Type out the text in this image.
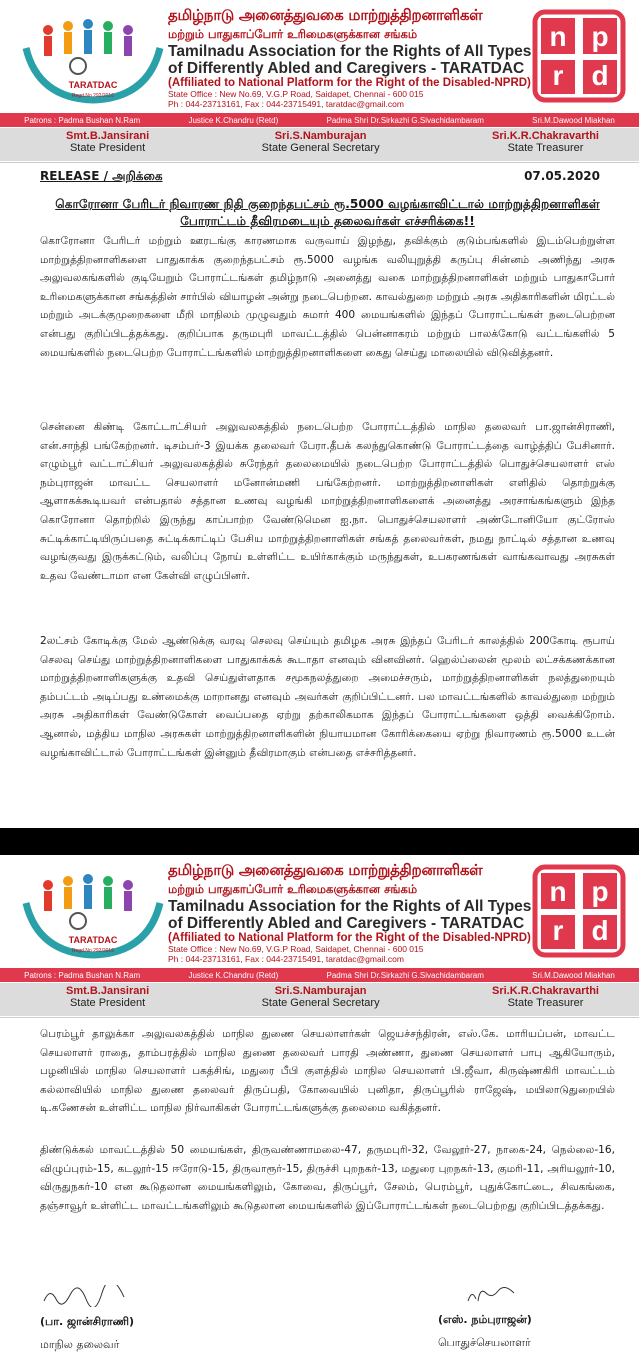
TARATDAC
Regd.No 292/2016
தமிழ்நாடு அனைத்துவகை மாற்றுத்திறனாளிகள்
மற்றும் பாதுகாப்போர் உரிமைகளுக்கான சங்கம்
Tamilnadu Association for the Rights of All Types
of Differently Abled and Caregivers - TARATDAC
(Affiliated to National Platform for the Right of the Disabled-NPRD)
State Office : New No.69, V.G.P Road, Saidapet, Chennai - 600 015
Ph : 044-23713161, Fax : 044-23715491, taratdac@gmail.com
n p
r d
Patrons : Padma Bushan N.Ram	Justice K.Chandru (Retd)	Padma Shri Dr.Sirkazhi G.Sivachidambaram	Sri.M.Dawood Miakhan
Smt.B.Jansirani
State President
Sri.S.Namburajan
State General Secretary
Sri.K.R.Chakravarthi
State Treasurer
RELEASE / அறிக்கை	07.05.2020
கொரோனா பேரிடர் நிவாரண நிதி குறைந்தபட்சம் ரூ.5000 வழங்காவிட்டால் மாற்றுத்திறனாளிகள் போராட்டம் தீவிரமடையும் தலைவர்கள் எச்சரிக்கை!!

கொரோனா பேரிடர் மற்றும் ஊரடங்கு காரணமாக வருவாய் இழந்து, தவிக்கும் குடும்பங்களில் இடம்பெற்றுள்ள மாற்றுத்திறனாளிகளை பாதுகாக்க குறைந்தபட்சம் ரூ.5000 வழங்க வலியுறுத்தி கருப்பு சின்னம் அணிந்து அரசு அலுவலகங்களில் குடியேறும் போராட்டங்கள் தமிழ்நாடு அனைத்து வகை மாற்றுத்திறனாளிகள் மற்றும் பாதுகாபோர் உரிமைகளுக்கான சங்கத்தின் சார்பில் வியாழன் அன்று நடைபெற்றன. காவல்துறை மற்றும் அரசு அதிகாரிகளின் மிரட்டல் மற்றும் அடக்குமுறைகளை மீறி மாநிலம் முழுவதும் சுமார் 400 மையங்களில் இந்தப் போராட்டங்கள் நடைபெற்றன என்பது குறிப்பிடத்தக்கது. குறிப்பாக தருமபுரி மாவட்டத்தில் பென்னாகரம் மற்றும் பாலக்கோடு வட்டங்களில் 5 மையங்களில் நடைபெற்ற போராட்டங்களில் மாற்றுத்திறனாளிகளை கைது செய்து மாலையில் விடுவித்தனர்.

சென்னை கிண்டி கோட்டாட்சியர் அலுவலகத்தில் நடைபெற்ற போராட்டத்தில் மாநில தலைவர் பா.ஜான்சிராணி, என்.சாந்தி பங்கேற்றனர். டிசம்பர்-3 இயக்க தலைவர் பேரா.தீபக் கலந்துகொண்டு போராட்டத்தை வாழ்த்திப் பேசினார். எழும்பூர் வட்டாட்சியர் அலுவலகத்தில் சுரேந்தர் தலைமையில் நடைபெற்ற போராட்டத்தில் பொதுச்செயலாளர் எஸ் நம்புராஜன் மாவட்ட செயலாளர் மனோன்மணி பங்கேற்றனர். மாற்றுத்திறனாளிகள் எளிதில் தொற்றுக்கு ஆளாகக்கூடியவர் என்பதால் சத்தான உணவு வழங்கி மாற்றுத்திறனாளிகளைக் அனைத்து அரசாங்கங்களும் இந்த கொரோனா தொற்றில் இருந்து காப்பாற்ற வேண்டுமென ஐ.நா. பொதுச்செயலாளர் அண்டோனியோ குட்ரோஸ் சுட்டிக்காட்டியிருப்பதை சுட்டிக்காட்டிப் பேசிய மாற்றுத்திறனாளிகள் சங்கத் தலைவர்கள், நமது நாட்டில் சத்தான உணவு வழங்குவது இருக்கட்டும், வலிப்பு நோய் உள்ளிட்ட உயிர்காக்கும் மருந்துகள், உபகரணங்கள் வாங்கவாவது அரசுகள் உதவ வேண்டாமா என கேள்வி எழுப்பினர்.

2லட்சம் கோடிக்கு மேல் ஆண்டுக்கு வரவு செலவு செய்யும் தமிழக அரசு இந்தப் பேரிடர் காலத்தில் 200கோடி ரூபாய் செலவு செய்து மாற்றுத்திறனாளிகளை பாதுகாக்கக் கூடாதா எனவும் வினவினர். ஹெல்ப்லைன் மூலம் லட்சக்கணக்கான மாற்றுத்திறனாளிகளுக்கு உதவி செய்துள்ளதாக சமூகநலத்துறை அமைச்சரும், மாற்றுத்திறனாளிகள் நலத்துறையும் தம்பட்டம் அடிப்பது உண்மைக்கு மாறானது எனவும் அவர்கள் குறிப்பிட்டனர். பல மாவட்டங்களில் காவல்துறை மற்றும் அரசு அதிகாரிகள் வேண்டுகோள் வைப்பதை ஏற்று தற்காலிகமாக இந்தப் போராட்டங்களை ஒத்தி வைக்கிறோம். ஆனால், மத்திய மாநில அரசுகள் மாற்றுத்திறனாளிகளின் நியாயமான கோரிக்கையை ஏற்று நிவாரணம் ரூ.5000 உடன் வழங்காவிட்டால் போராட்டங்கள் இன்னும் தீவிரமாகும் என்பதை எச்சரித்தனர்.

TARATDAC
Regd.No 292/2016
தமிழ்நாடு அனைத்துவகை மாற்றுத்திறனாளிகள்
மற்றும் பாதுகாப்போர் உரிமைகளுக்கான சங்கம்
Tamilnadu Association for the Rights of All Types
of Differently Abled and Caregivers - TARATDAC
(Affiliated to National Platform for the Right of the Disabled-NPRD)
State Office : New No.69, V.G.P Road, Saidapet, Chennai - 600 015
Ph : 044-23713161, Fax : 044-23715491, taratdac@gmail.com
n p
r d
Patrons : Padma Bushan N.Ram	Justice K.Chandru (Retd)	Padma Shri Dr.Sirkazhi G.Sivachidambaram	Sri.M.Dawood Miakhan
Smt.B.Jansirani
State President
Sri.S.Namburajan
State General Secretary
Sri.K.R.Chakravarthi
State Treasurer

பெரம்பூர் தாலுக்கா அலுவலகத்தில் மாநில துணை செயலாளர்கள் ஜெயச்சந்திரன், எஸ்.கே. மாரியப்பன், மாவட்ட செயலாளர் ராதை, தாம்பரத்தில் மாநில துணை தலைவர் பாரதி அண்ணா, துணை செயலாளர் பாபு ஆகியோரும், பழனியில் மாநில செயலாளர் பகத்சிங், மதுரை பீபி குளத்தில் மாநில செயலாளர் பி.ஜீவா, கிருஷ்ணகிரி மாவட்டம் கல்லாவியில் மாநில துணை தலைவர் திருப்பதி, கோவையில் புனிதா, திருப்பூரில் ராஜேஷ், மயிலாடுதுறையில் டி.கணேசன் உள்ளிட்ட மாநில நிர்வாகிகள் போராட்டங்களுக்கு தலைமை வகித்தனர்.

திண்டுக்கல் மாவட்டத்தில் 50 மையங்கள், திருவண்ணாமலை-47, தருமபுரி-32, வேலூர்-27, நாகை-24, நெல்லை-16, விழுப்புரம்-15, கடலூர்-15 ஈரோடு-15, திருவாரூர்-15, திருச்சி புறநகர்-13, மதுரை புறநகர்-13, குமரி-11, அரியலூர்-10, விருதுநகர்-10 என கூடுதலான மையங்களிலும், கோவை, திருப்பூர், சேலம், பெரம்பூர், புதுக்கோட்டை, சிவகங்கை, தஞ்சாவூர் உள்ளிட்ட மாவட்டங்களிலும் கூடுதலான மையங்களில் இப்போராட்டங்கள் நடைபெற்றது குறிப்பிடத்தக்கது.

(பா. ஜான்சிராணி)
மாநில தலைவர்
(எஸ். நம்புராஜன்)
பொதுச்செயலாளர்
